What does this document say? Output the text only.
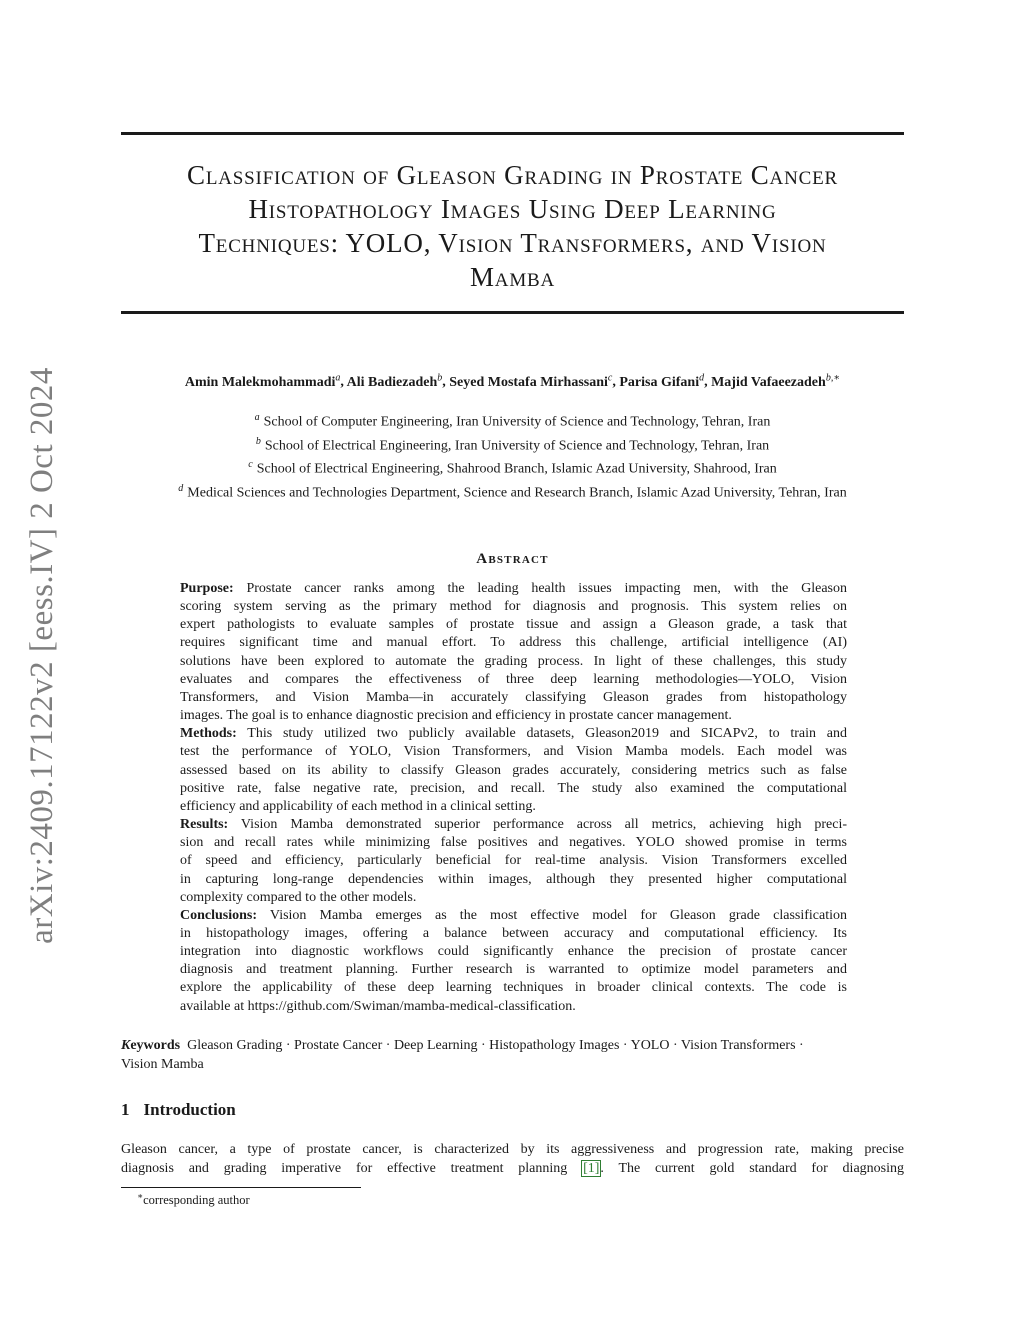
arXiv:2409.17122v2 [eess.IV] 2 Oct 2024
Classification of Gleason Grading in Prostate Cancer
Histopathology Images Using Deep Learning
Techniques: YOLO, Vision Transformers, and Vision
Mamba
Amin Malekmohammadi$^a$, Ali Badiezadeh$^b$, Seyed Mostafa Mirhassani$^c$, Parisa Gifani$^d$, Majid Vafaeezadeh$^{b,∗}$
$^a$ School of Computer Engineering, Iran University of Science and Technology, Tehran, Iran
$^b$ School of Electrical Engineering, Iran University of Science and Technology, Tehran, Iran
$^c$ School of Electrical Engineering, Shahrood Branch, Islamic Azad University, Shahrood, Iran
$^d$ Medical Sciences and Technologies Department, Science and Research Branch, Islamic Azad University, Tehran, Iran
Abstract
Purpose: Prostate cancer ranks among the leading health issues impacting men, with the Gleason
scoring system serving as the primary method for diagnosis and prognosis. This system relies on
expert pathologists to evaluate samples of prostate tissue and assign a Gleason grade, a task that
requires significant time and manual effort. To address this challenge, artificial intelligence (AI)
solutions have been explored to automate the grading process. In light of these challenges, this study
evaluates and compares the effectiveness of three deep learning methodologies—YOLO, Vision
Transformers, and Vision Mamba—in accurately classifying Gleason grades from histopathology
images. The goal is to enhance diagnostic precision and efficiency in prostate cancer management.
Methods: This study utilized two publicly available datasets, Gleason2019 and SICAPv2, to train and
test the performance of YOLO, Vision Transformers, and Vision Mamba models. Each model was
assessed based on its ability to classify Gleason grades accurately, considering metrics such as false
positive rate, false negative rate, precision, and recall. The study also examined the computational
efficiency and applicability of each method in a clinical setting.
Results: Vision Mamba demonstrated superior performance across all metrics, achieving high preci-
sion and recall rates while minimizing false positives and negatives. YOLO showed promise in terms
of speed and efficiency, particularly beneficial for real-time analysis. Vision Transformers excelled
in capturing long-range dependencies within images, although they presented higher computational
complexity compared to the other models.
Conclusions: Vision Mamba emerges as the most effective model for Gleason grade classification
in histopathology images, offering a balance between accuracy and computational efficiency. Its
integration into diagnostic workflows could significantly enhance the precision of prostate cancer
diagnosis and treatment planning. Further research is warranted to optimize model parameters and
explore the applicability of these deep learning techniques in broader clinical contexts. The code is
available at https://github.com/Swiman/mamba-medical-classification.
Keywords Gleason Grading · Prostate Cancer · Deep Learning · Histopathology Images · YOLO · Vision Transformers ·
Vision Mamba
1 Introduction
Gleason cancer, a type of prostate cancer, is characterized by its aggressiveness and progression rate, making precise
diagnosis and grading imperative for effective treatment planning [1]. The current gold standard for diagnosing
∗corresponding author
